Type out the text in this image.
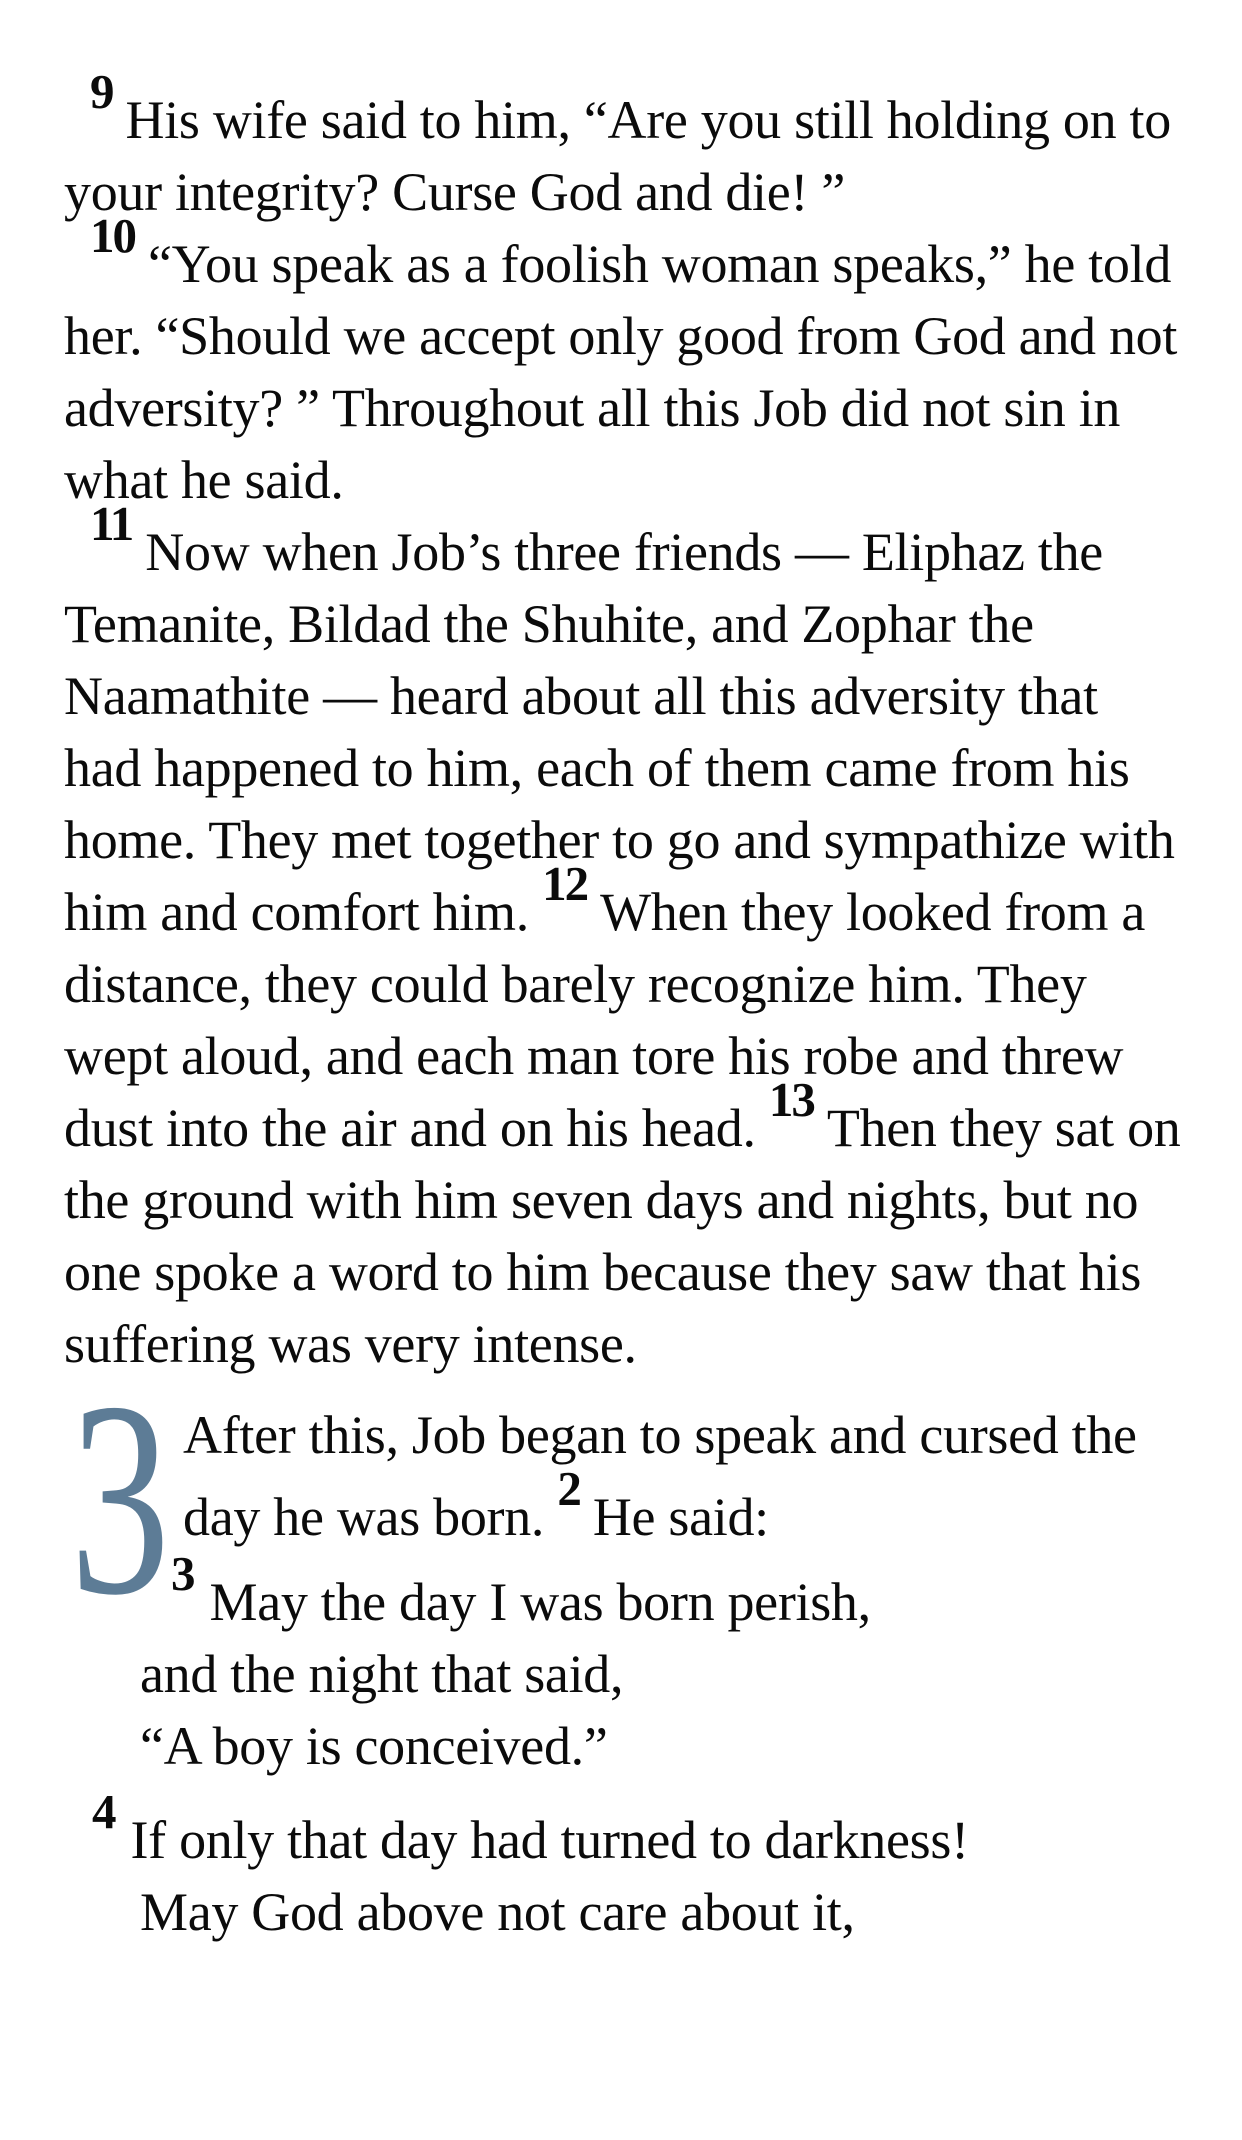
9 His wife said to him, “Are you still holding on to your integrity? Curse God and die! ”

10 “You speak as a foolish woman speaks,” he told her. “Should we accept only good from God and not adversity? ” Throughout all this Job did not sin in what he said.

11 Now when Job’s three friends — Eliphaz the Temanite, Bildad the Shuhite, and Zophar the Naamathite — heard about all this adversity that had happened to him, each of them came from his home. They met together to go and sympathize with him and comfort him. 12 When they looked from a distance, they could barely recognize him. They wept aloud, and each man tore his robe and threw dust into the air and on his head. 13 Then they sat on the ground with him seven days and nights, but no one spoke a word to him because they saw that his suffering was very intense.

3 After this, Job began to speak and cursed the day he was born. 2 He said:

3 May the day I was born perish,
and the night that said,
“A boy is conceived.”
4 If only that day had turned to darkness!
May God above not care about it,
